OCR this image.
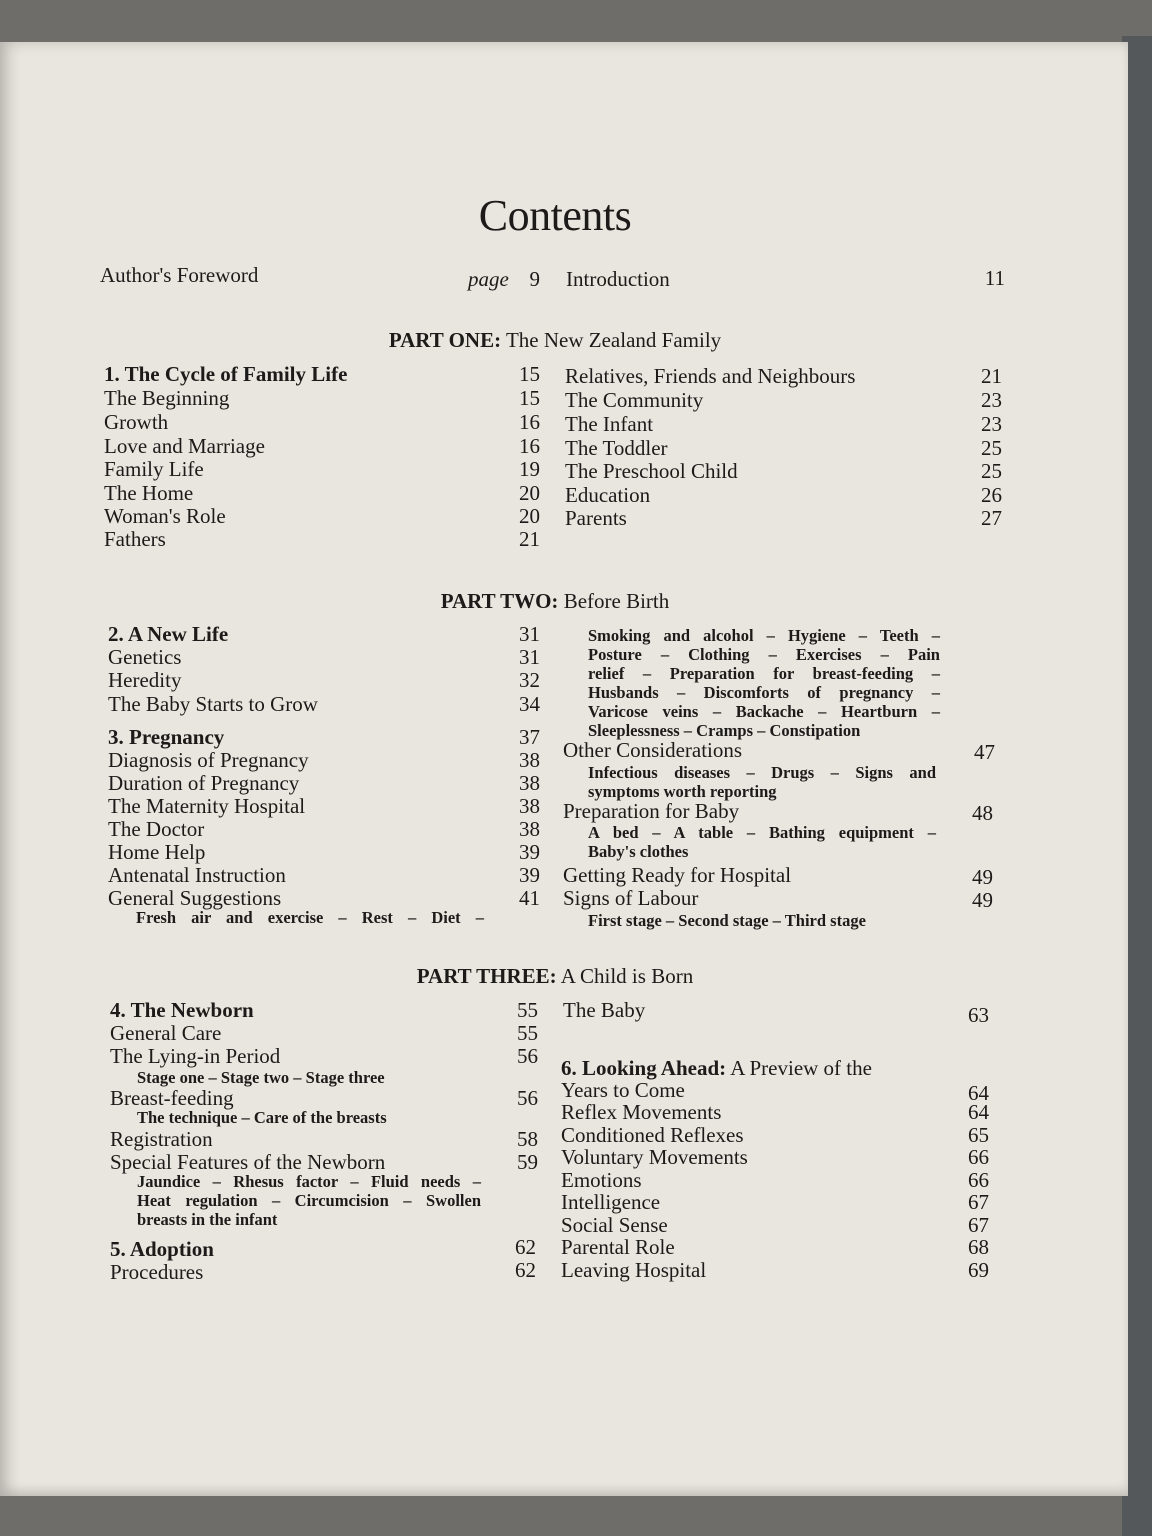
Contents
Author's Foreword	page 9 Introduction	11
PART ONE: The New Zealand Family
1. The Cycle of Family Life	15
The Beginning	15
Growth	16
Love and Marriage	16
Family Life	19
The Home	20
Woman's Role	20
Fathers	21
Relatives, Friends and Neighbours	21
The Community	23
The Infant	23
The Toddler	25
The Preschool Child	25
Education	26
Parents	27
PART TWO: Before Birth
2. A New Life	31
Genetics	31
Heredity	32
The Baby Starts to Grow	34
3. Pregnancy	37
Diagnosis of Pregnancy	38
Duration of Pregnancy	38
The Maternity Hospital	38
The Doctor	38
Home Help	39
Antenatal Instruction	39
General Suggestions	41
Fresh air and exercise – Rest – Diet –
Smoking and alcohol – Hygiene – Teeth –
Posture – Clothing – Exercises – Pain
relief – Preparation for breast-feeding –
Husbands – Discomforts of pregnancy –
Varicose veins – Backache – Heartburn –
Sleeplessness – Cramps – Constipation
Other Considerations	47
Infectious diseases – Drugs – Signs and
symptoms worth reporting
Preparation for Baby	48
A bed – A table – Bathing equipment –
Baby's clothes
Getting Ready for Hospital	49
Signs of Labour	49
First stage – Second stage – Third stage
PART THREE: A Child is Born
4. The Newborn	55
General Care	55
The Lying-in Period	56
Stage one – Stage two – Stage three
Breast-feeding	56
The technique – Care of the breasts
Registration	58
Special Features of the Newborn	59
Jaundice – Rhesus factor – Fluid needs –
Heat regulation – Circumcision – Swollen
breasts in the infant
5. Adoption	62
Procedures	62
The Baby	63
6. Looking Ahead: A Preview of the
Years to Come	64
Reflex Movements	64
Conditioned Reflexes	65
Voluntary Movements	66
Emotions	66
Intelligence	67
Social Sense	67
Parental Role	68
Leaving Hospital	69
